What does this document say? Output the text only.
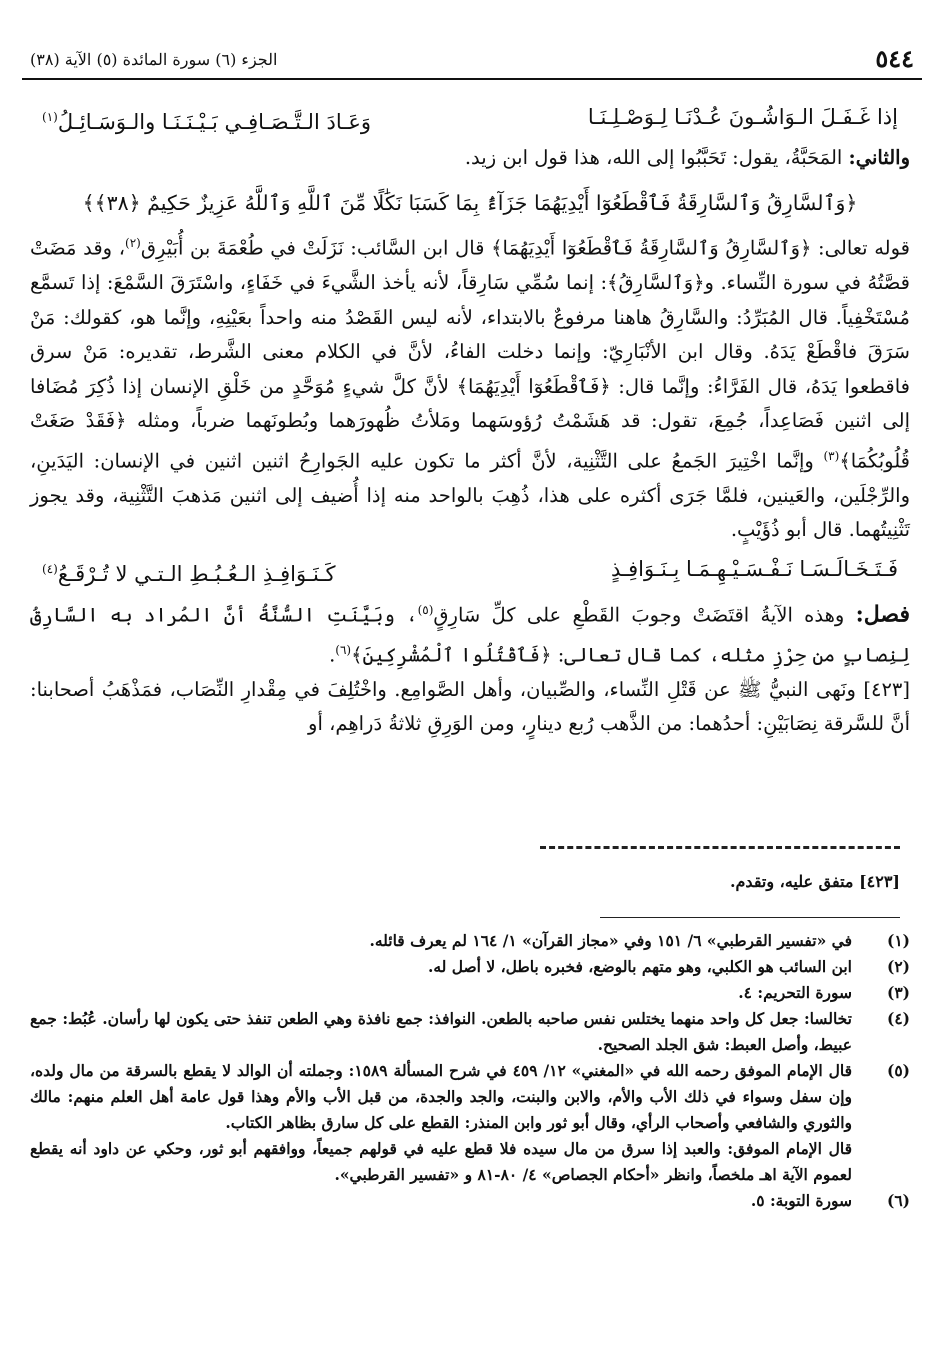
٥٤٤
الجزء (٦) سورة المائدة (٥) الآية (٣٨)
إذا غَـفَـلَ الـوَاشُـونَ عُـدْنَـا لِـوَصْـلِـنَـا
وَعَـادَ الـتَّـصَـافِـي بَـيْـنَـنَـا والـوَسَـائِـلُ$^{(١)}$

والثاني: المَحَبَّةُ، يقول: تَحَبَّبُوا إلى الله، هذا قول ابن زيد.

﴿وَٱلسَّارِقُ وَٱلسَّارِقَةُ فَٱقْطَعُوٓا أَيْدِيَهُمَا جَزَآءًۢ بِمَا كَسَبَا نَكَٰلًا مِّنَ ٱللَّهِ وَٱللَّهُ عَزِيزٌ حَكِيمٌ ﴿٣٨﴾﴾

قوله تعالى: ﴿وَٱلسَّارِقُ وَٱلسَّارِقَةُ فَٱقْطَعُوٓا أَيْدِيَهُمَا﴾ قال ابن السَّائب: نَزَلَتْ في طُعْمَةَ بن أُبَيْرِق$^{(٢)}$، وقد مَضَتْ قصَّتُهُ في سورة النِّساء. و﴿وَٱلسَّارِقُ﴾: إنما سُمِّي سَارِقاً، لأنه يأخذ الشَّيءَ في خَفَاءٍ، واسْتَرَقَ السَّمْعَ: إذا تَسمَّع مُسْتَخْفِياً. قال المُبَرِّدُ: والسَّارِقُ هاهنا مرفوعٌ بالابتداء، لأنه ليس القَصْدُ منه واحداً بعَيْنِهِ، وإنَّما هو، كقولك: مَنْ سَرَقَ فاقْطَعْ يَدَهُ. وقال ابن الأنْبَارِيّ: وإنما دخلت الفاءُ، لأنَّ في الكلام معنى الشَّرط، تقديره: مَنْ سرق فاقطعوا يَدَهُ، قال الفَرَّاءُ: وإنَّما قال: ﴿فَٱقْطَعُوٓا أَيْدِيَهُمَا﴾ لأنَّ كلَّ شيءٍ مُوَحَّدٍ من خَلْقِ الإنسان إذا ذُكِرَ مُضَافا إلى اثنين فَصَاعِداً، جُمِعَ، تقول: قد هَشَمْتُ رُؤوسَهما ومَلأتُ ظُهورَهما وبُطونَهما ضرباً، ومثله ﴿فَقَدْ صَغَتْ قُلُوبُكُمَا﴾$^{(٣)}$ وإنَّما اخْتِيرَ الجَمعُ على التَّثْنِية، لأنَّ أكثر ما تكون عليه الجَوارِحُ اثنين اثنين في الإنسان: اليَدَينِ، والرِّجْلَين، والعَينين، فلمَّا جَرَى أكثره على هذا، ذُهِبَ بالواحد منه إذا أُضيف إلى اثنين مَذهبَ التَّثْنِية، وقد يجوز تَثْنِيتُهما. قال أبو ذُؤَيْبٍ.

فَـتَـخَـالَـسَـا نَـفْـسَـيْـهِـمَـا بِـنَـوَافِـذٍ
كَـنَـوَافِـذِ الـعُـبُـطِ الـتـي لا تُـرْقَـعُ$^{(٤)}$

فصل: وهذه الآيةُ اقتَضَتْ وجوبَ القَطْعِ على كلِّ سَارِقٍ$^{(٥)}$، وبَيَّنَتِ السُّنَّةُ أنَّ المُراد به السَّارِقُ لِنِصابٍ من حِرْزِ مثله، كما قال تعالى: ﴿فَٱقْتُلُوا ٱلْمُشْرِكِينَ﴾$^{(٦)}$.

[٤٢٣] ونَهى النبيُّ ﷺ عن قَتْلِ النِّساء، والصِّبيان، وأهل الصَّوامِع. واخْتُلِفَ في مِقْدارِ النِّصَاب، فمَذْهَبُ أصحابنا: أنَّ للسَّرقة نِصَابَيْنِ: أحدُهما: من الذَّهب رُبع دينارٍ، ومن الوَرِقِ ثلاثةُ دَراهِم، أو

[٤٢٣] متفق عليه، وتقدم.
(١)
في «تفسير القرطبي» ٦/ ١٥١ وفي «مجاز القرآن» ١/ ١٦٤ لم يعرف قائله.
(٢)
ابن السائب هو الكلبي، وهو متهم بالوضع، فخبره باطل، لا أصل له.
(٣)
سورة التحريم: ٤.
(٤)
تخالسا: جعل كل واحد منهما يختلس نفس صاحبه بالطعن. النوافذ: جمع نافذة وهي الطعن تنفذ حتى يكون لها رأسان. عُبُط: جمع عبيط، وأصل العبط: شق الجلد الصحيح.
(٥)
قال الإمام الموفق رحمه الله في «المغني» ١٢/ ٤٥٩ في شرح المسألة ١٥٨٩: وجملته أن الوالد لا يقطع بالسرقة من مال ولده، وإن سفل وسواء في ذلك الأب والأم، والابن والبنت، والجد والجدة، من قبل الأب والأم وهذا قول عامة أهل العلم منهم: مالك والثوري والشافعي وأصحاب الرأي، وقال أبو ثور وابن المنذر: القطع على كل سارق بظاهر الكتاب.
قال الإمام الموفق: والعبد إذا سرق من مال سيده فلا قطع عليه في قولهم جميعاً، ووافقهم أبو ثور، وحكي عن داود أنه يقطع لعموم الآية اهـ ملخصاً، وانظر «أحكام الجصاص» ٤/ ٨٠-٨١ و «تفسير القرطبي».
(٦)
سورة التوبة: ٥.
